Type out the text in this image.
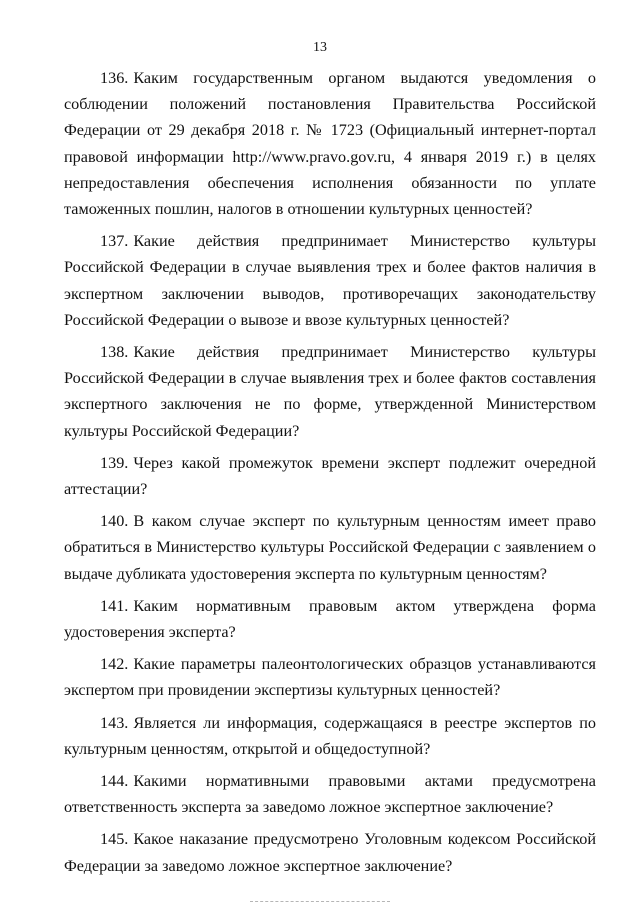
13

136. Каким государственным органом выдаются уведомления о соблюдении положений постановления Правительства Российской Федерации от 29 декабря 2018 г. № 1723 (Официальный интернет-портал правовой информации http://www.pravo.gov.ru, 4 января 2019 г.) в целях непредоставления обеспечения исполнения обязанности по уплате таможенных пошлин, налогов в отношении культурных ценностей?

137. Какие действия предпринимает Министерство культуры Российской Федерации в случае выявления трех и более фактов наличия в экспертном заключении выводов, противоречащих законодательству Российской Федерации о вывозе и ввозе культурных ценностей?

138. Какие действия предпринимает Министерство культуры Российской Федерации в случае выявления трех и более фактов составления экспертного заключения не по форме, утвержденной Министерством культуры Российской Федерации?

139. Через какой промежуток времени эксперт подлежит очередной аттестации?

140. В каком случае эксперт по культурным ценностям имеет право обратиться в Министерство культуры Российской Федерации с заявлением о выдаче дубликата удостоверения эксперта по культурным ценностям?

141. Каким нормативным правовым актом утверждена форма удостоверения эксперта?

142. Какие параметры палеонтологических образцов устанавливаются экспертом при провидении экспертизы культурных ценностей?

143. Является ли информация, содержащаяся в реестре экспертов по культурным ценностям, открытой и общедоступной?

144. Какими нормативными правовыми актами предусмотрена ответственность эксперта за заведомо ложное экспертное заключение?

145. Какое наказание предусмотрено Уголовным кодексом Российской Федерации за заведомо ложное экспертное заключение?
